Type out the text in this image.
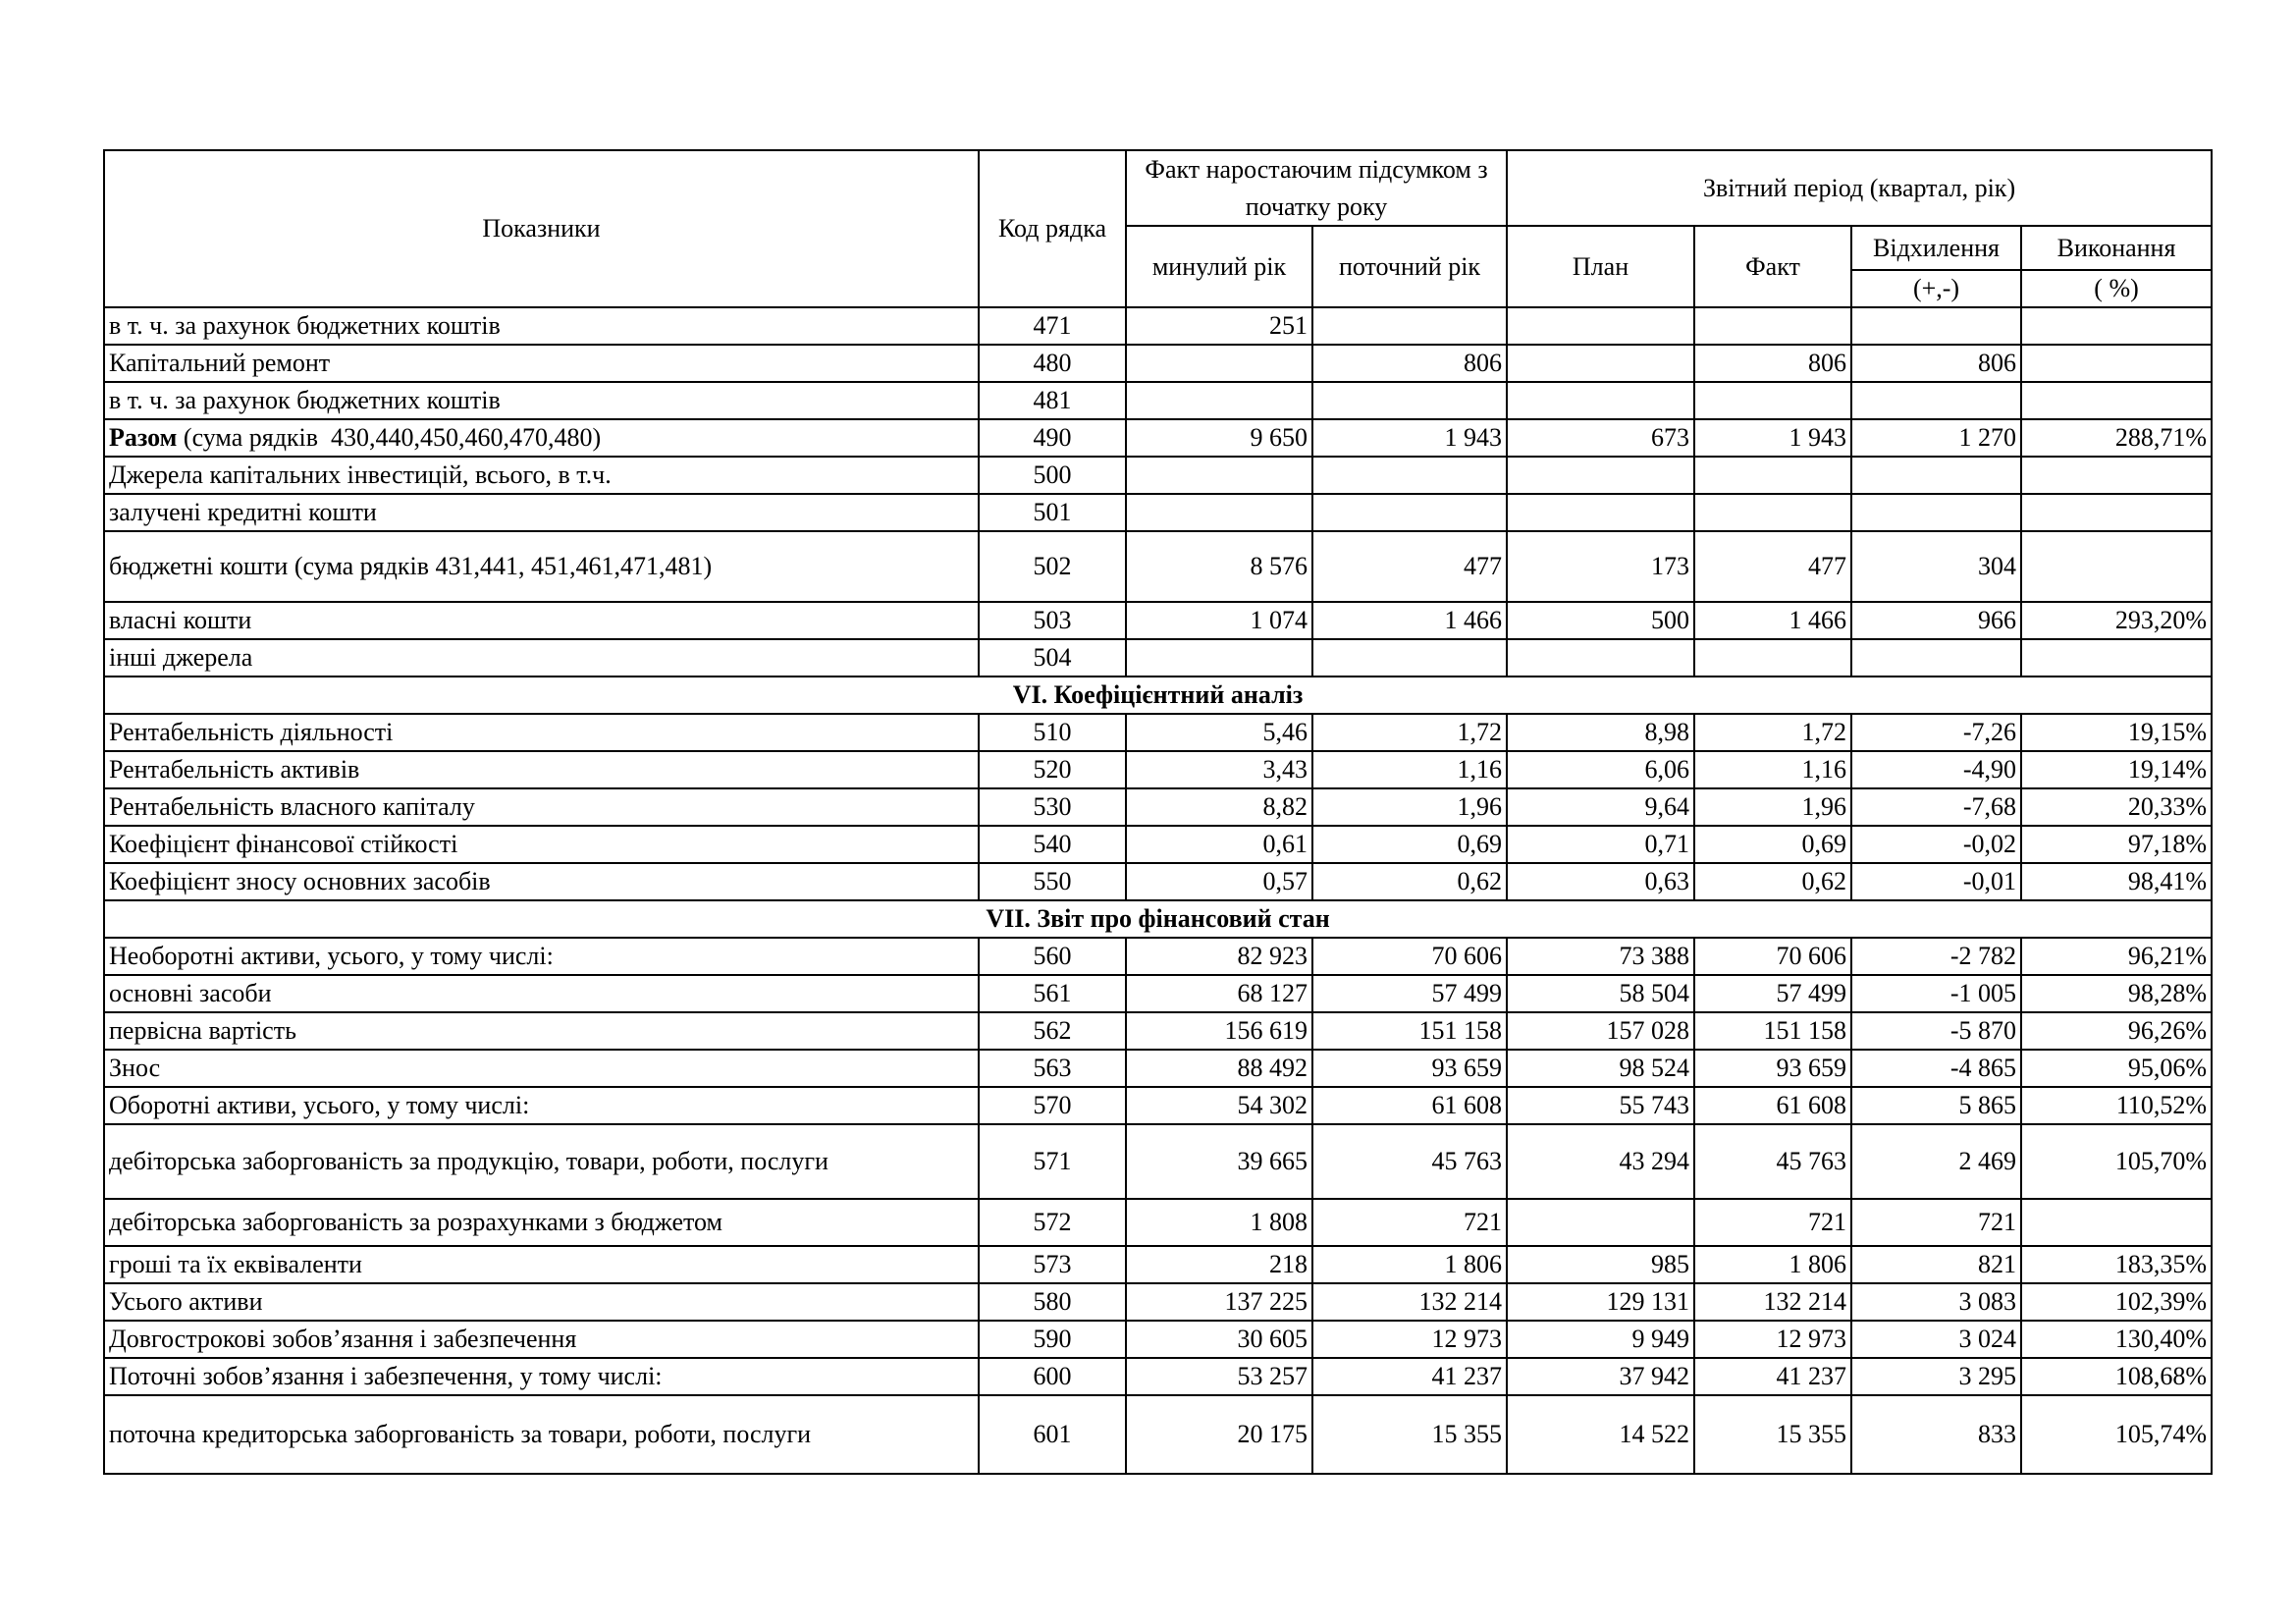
Показники	Код рядка	Факт наростаючим підсумком з початку року		Звітний період (квартал, рік)			
		минулий рік	поточний рік	План	Факт	Відхилення	Виконання
						(+,-)	( %)
в т. ч. за рахунок бюджетних коштів	471	251					
Капітальний ремонт	480		806		806	806	
в т. ч. за рахунок бюджетних коштів	481						
Разом (сума рядків  430,440,450,460,470,480)	490	9 650	1 943	673	1 943	1 270	288,71%
Джерела капітальних інвестицій, всього, в т.ч.	500						
залучені кредитні кошти	501						
бюджетні кошти (сума рядків 431,441, 451,461,471,481)	502	8 576	477	173	477	304	
власні кошти	503	1 074	1 466	500	1 466	966	293,20%
інші джерела	504						
VI. Коефіцієнтний аналіз							
Рентабельність діяльності	510	5,46	1,72	8,98	1,72	-7,26	19,15%
Рентабельність активів	520	3,43	1,16	6,06	1,16	-4,90	19,14%
Рентабельність власного капіталу	530	8,82	1,96	9,64	1,96	-7,68	20,33%
Коефіцієнт фінансової стійкості	540	0,61	0,69	0,71	0,69	-0,02	97,18%
Коефіцієнт зносу основних засобів	550	0,57	0,62	0,63	0,62	-0,01	98,41%
VII. Звіт про фінансовий стан							
Необоротні активи, усього, у тому числі:	560	82 923	70 606	73 388	70 606	-2 782	96,21%
основні засоби	561	68 127	57 499	58 504	57 499	-1 005	98,28%
первісна вартість	562	156 619	151 158	157 028	151 158	-5 870	96,26%
Знос	563	88 492	93 659	98 524	93 659	-4 865	95,06%
Оборотні активи, усього, у тому числі:	570	54 302	61 608	55 743	61 608	5 865	110,52%
дебіторська заборгованість за продукцію, товари, роботи, послуги	571	39 665	45 763	43 294	45 763	2 469	105,70%
дебіторська заборгованість за розрахунками з бюджетом	572	1 808	721		721	721	
гроші та їх еквіваленти	573	218	1 806	985	1 806	821	183,35%
Усього активи	580	137 225	132 214	129 131	132 214	3 083	102,39%
Довгострокові зобов’язання і забезпечення	590	30 605	12 973	9 949	12 973	3 024	130,40%
Поточні зобов’язання і забезпечення, у тому числі:	600	53 257	41 237	37 942	41 237	3 295	108,68%
поточна кредиторська заборгованість за товари, роботи, послуги	601	20 175	15 355	14 522	15 355	833	105,74%
